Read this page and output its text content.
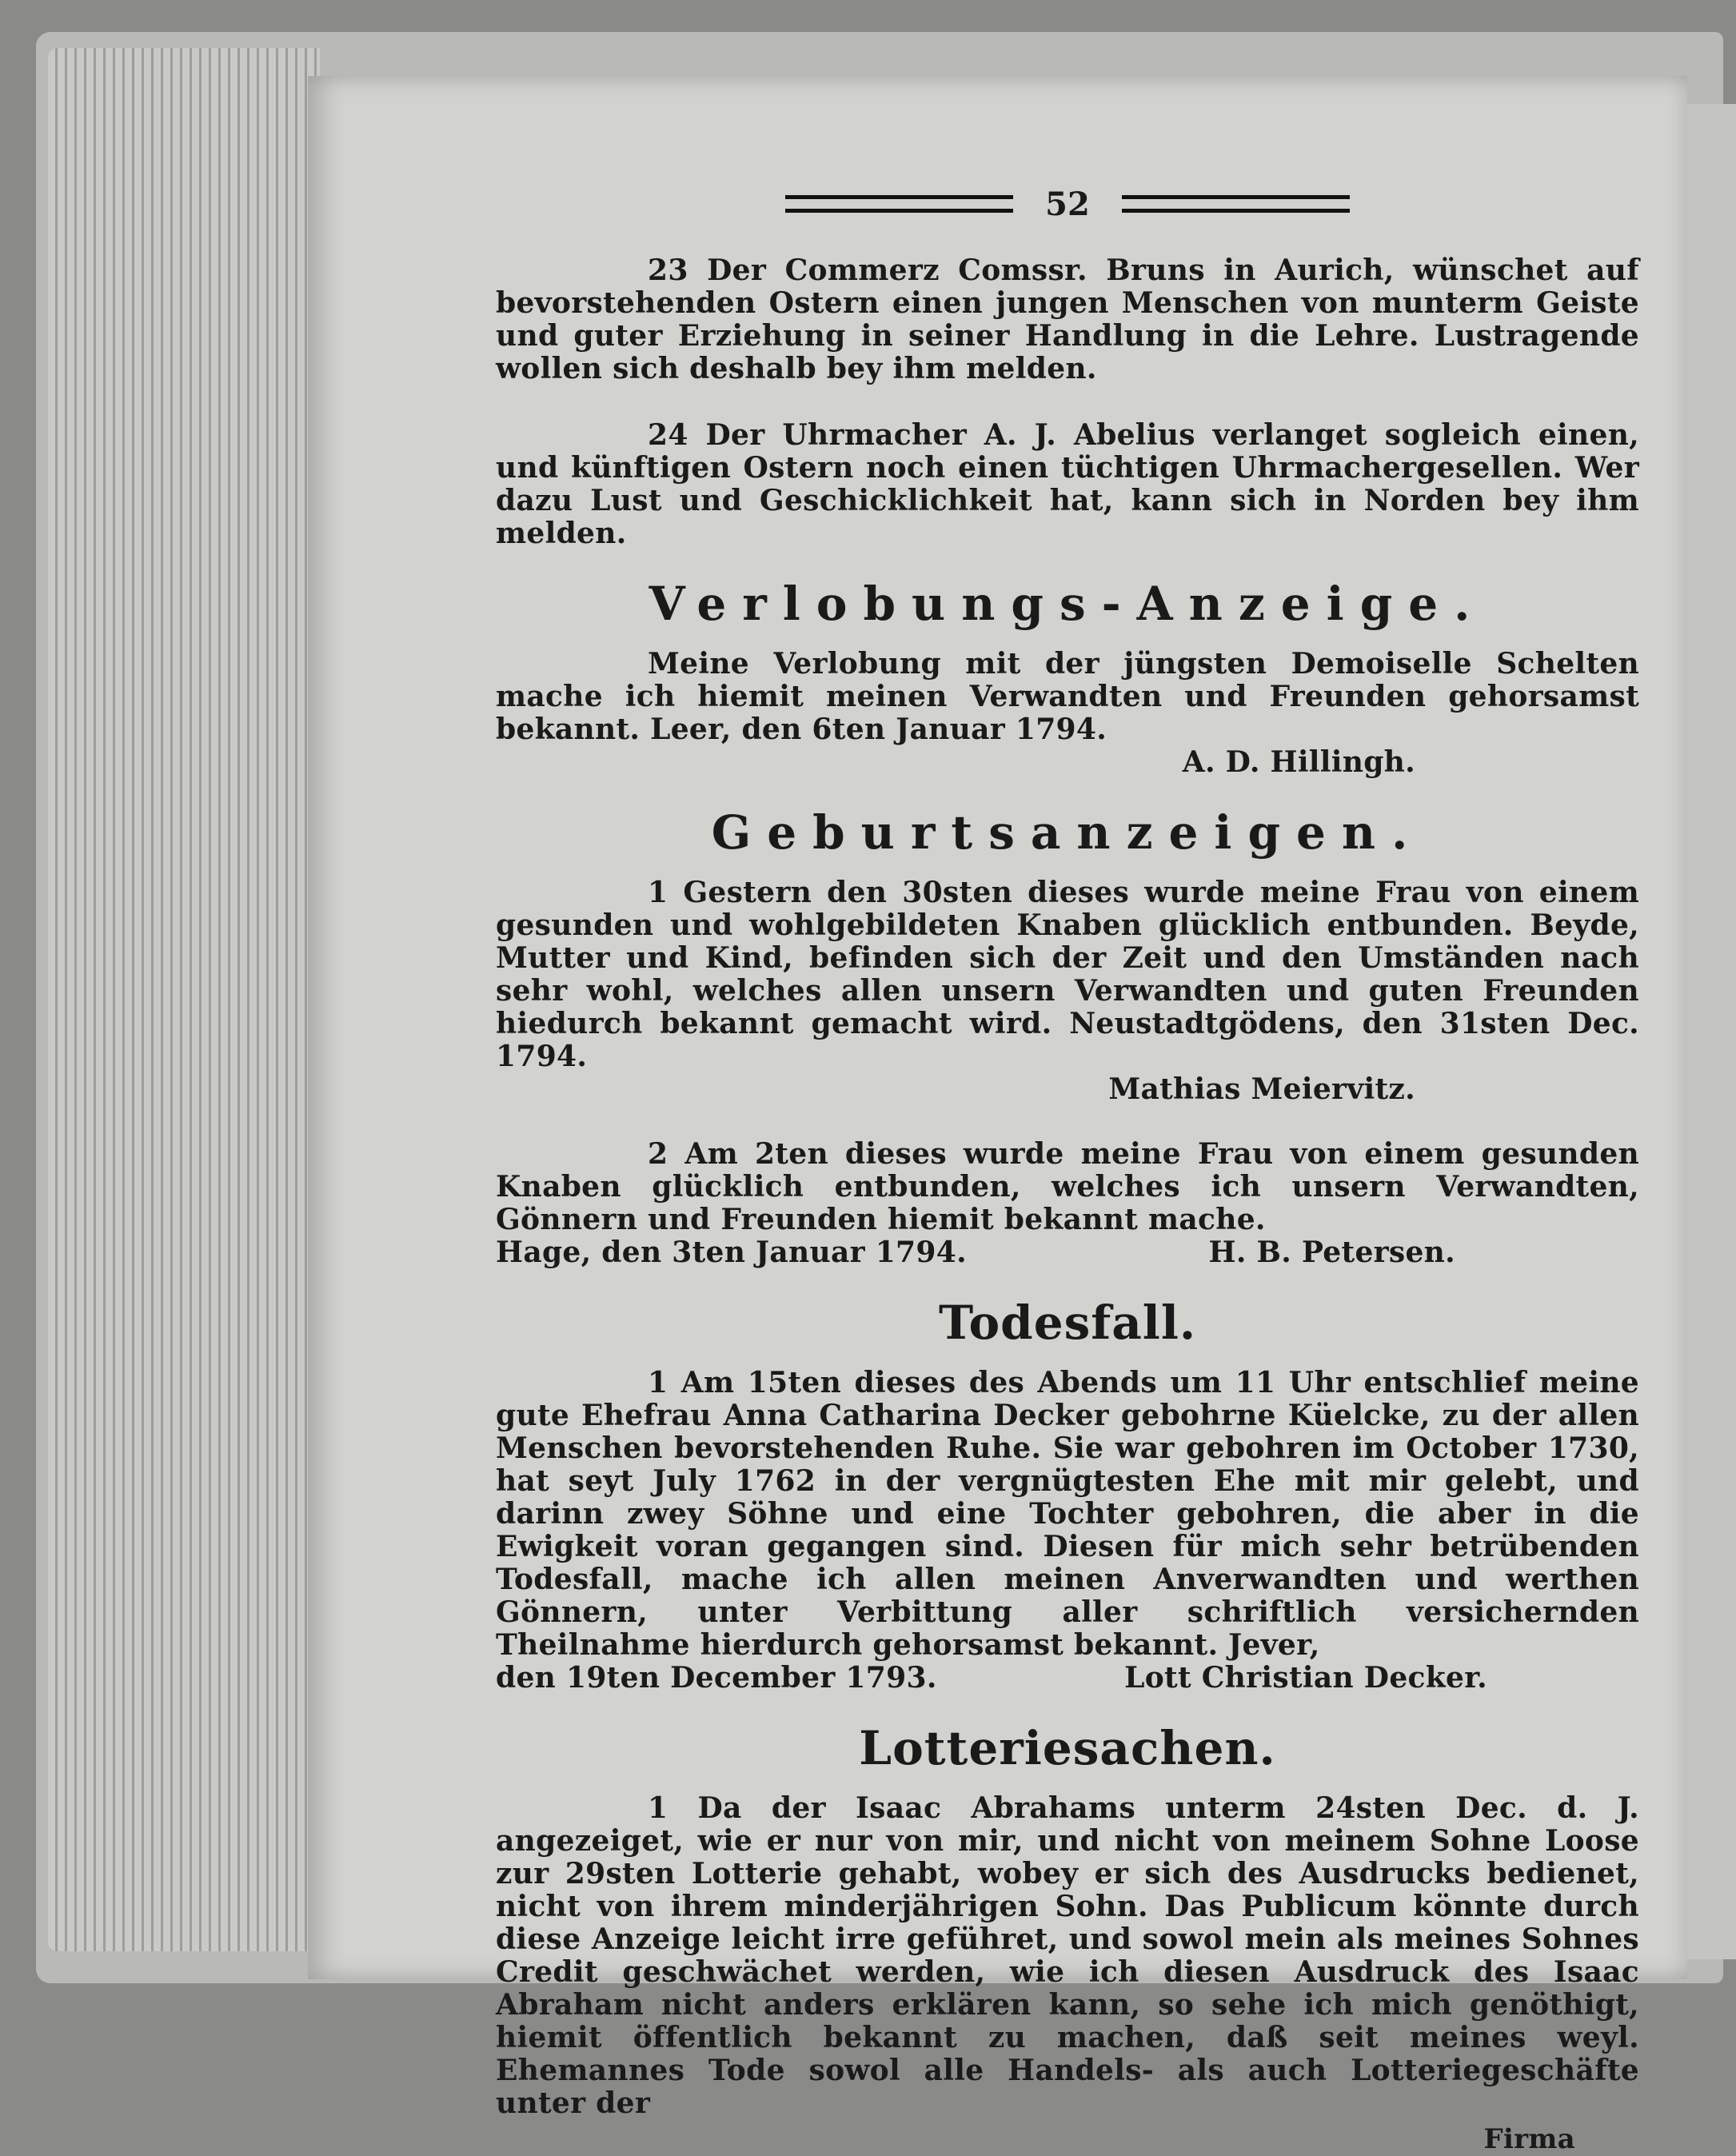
52

23 Der Commerz Comssr. Bruns in Aurich, wünschet auf bevorstehenden Ostern einen jungen Menschen von munterm Geiste und guter Erziehung in seiner Handlung in die Lehre. Lustragende wollen sich deshalb bey ihm melden.

24 Der Uhrmacher A. J. Abelius verlanget sogleich einen, und künftigen Ostern noch einen tüchtigen Uhrmachergesellen. Wer dazu Lust und Geschicklichkeit hat, kann sich in Norden bey ihm melden.

Verlobungs-Anzeige.

Meine Verlobung mit der jüngsten Demoiselle Schelten mache ich hiemit meinen Verwandten und Freunden gehorsamst bekannt. Leer, den 6ten Januar 1794.

A. D. Hillingh.

Geburtsanzeigen.

1 Gestern den 30sten dieses wurde meine Frau von einem gesunden und wohlgebildeten Knaben glücklich entbunden. Beyde, Mutter und Kind, befinden sich der Zeit und den Umständen nach sehr wohl, welches allen unsern Verwandten und guten Freunden hiedurch bekannt gemacht wird. Neustadtgödens, den 31sten Dec. 1794.

Mathias Meiervitz.

2 Am 2ten dieses wurde meine Frau von einem gesunden Knaben glücklich entbunden, welches ich unsern Verwandten, Gönnern und Freunden hiemit bekannt mache.

Hage, den 3ten Januar 1794.	H. B. Petersen.

Todesfall.

1 Am 15ten dieses des Abends um 11 Uhr entschlief meine gute Ehefrau Anna Catharina Decker gebohrne Küelcke, zu der allen Menschen bevorstehenden Ruhe. Sie war gebohren im October 1730, hat seyt July 1762 in der vergnügtesten Ehe mit mir gelebt, und darinn zwey Söhne und eine Tochter gebohren, die aber in die Ewigkeit voran gegangen sind. Diesen für mich sehr betrübenden Todesfall, mache ich allen meinen Anverwandten und werthen Gönnern, unter Verbittung aller schriftlich versichernden Theilnahme hierdurch gehorsamst bekannt. Jever,

den 19ten December 1793.	Lott Christian Decker.

Lotteriesachen.

1 Da der Isaac Abrahams unterm 24sten Dec. d. J. angezeiget, wie er nur von mir, und nicht von meinem Sohne Loose zur 29sten Lotterie gehabt, wobey er sich des Ausdrucks bedienet, nicht von ihrem minderjährigen Sohn. Das Publicum könnte durch diese Anzeige leicht irre geführet, und sowol mein als meines Sohnes Credit geschwächet werden, wie ich diesen Ausdruck des Isaac Abraham nicht anders erklären kann, so sehe ich mich genöthigt, hiemit öffentlich bekannt zu machen, daß seit meines weyl. Ehemannes Tode sowol alle Handels- als auch Lotteriegeschäfte unter der

Firma
